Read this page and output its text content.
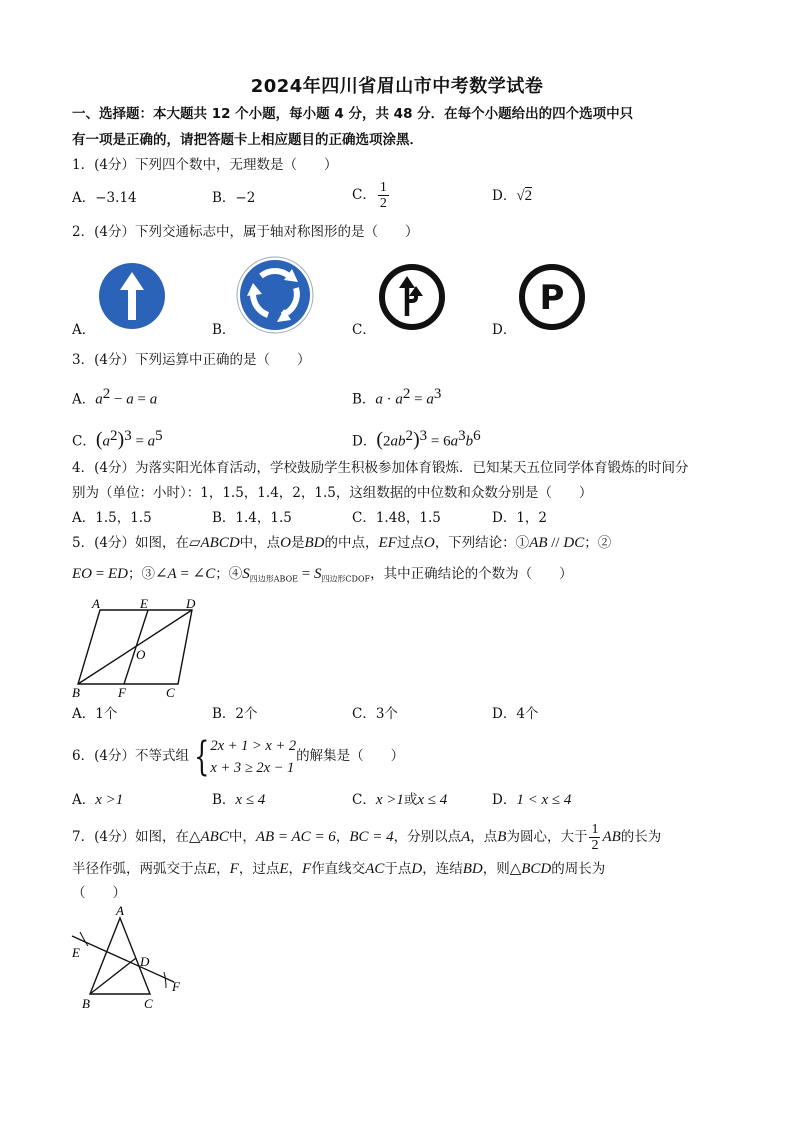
2024年四川省眉山市中考数学试卷
一、选择题：本大题共 12 个小题，每小题 4 分，共 48 分．在每个小题给出的四个选项中只
有一项是正确的，请把答题卡上相应题目的正确选项涂黑．
1．(4分）下列四个数中，无理数是（　　）
A．−3.14	B．−2	C． $\frac{1}{2}$	D．√2
2．(4分）下列交通标志中，属于轴对称图形的是（　　）
P
A．	B．	C．	D．
3．(4分）下列运算中正确的是（　　）
A．$a^2 - a = a$	B．$a \cdot a^2 = a^3$
C．$(a^2)^3 = a^5$	D．$(2ab^2)^3 = 6a^3b^6$
4．(4分）为落实阳光体育活动，学校鼓励学生积极参加体育锻炼．已知某天五位同学体育锻炼的时间分
别为（单位：小时）：1，1.5，1.4，2，1.5，这组数据的中位数和众数分别是（　　）
A．1.5，1.5	B．1.4，1.5	C．1.48，1.5	D．1，2
5．(4分）如图，在▱ABCD中，点O是BD的中点，EF过点O，下列结论：①AB // DC；②
EO = ED；③∠A = ∠C；$④S_{四边形ABOE} = S_{四边形CDOF}$，其中正确结论的个数为（　　）
A	E	D
O
B	F	C
A．1个	B．2个	C．3个	D．4个
6．(4分）不等式组 { 2x + 1 > x + 2
x + 3 ≥ 2x − 1
的解集是（　　）
A．x >1	B．x ≤ 4	C．x >1或x ≤ 4	D．1 < x ≤ 4
7．(4分）如图，在△ABC中，AB = AC = 6，BC = 4，分别以点A，点B为圆心，大于 $\frac{1}{2}$ AB的长为
半径作弧，两弧交于点E，F，过点E，F作直线交AC于点D，连结BD，则△BCD的周长为
（　　）
A
E
D
F
B	C
